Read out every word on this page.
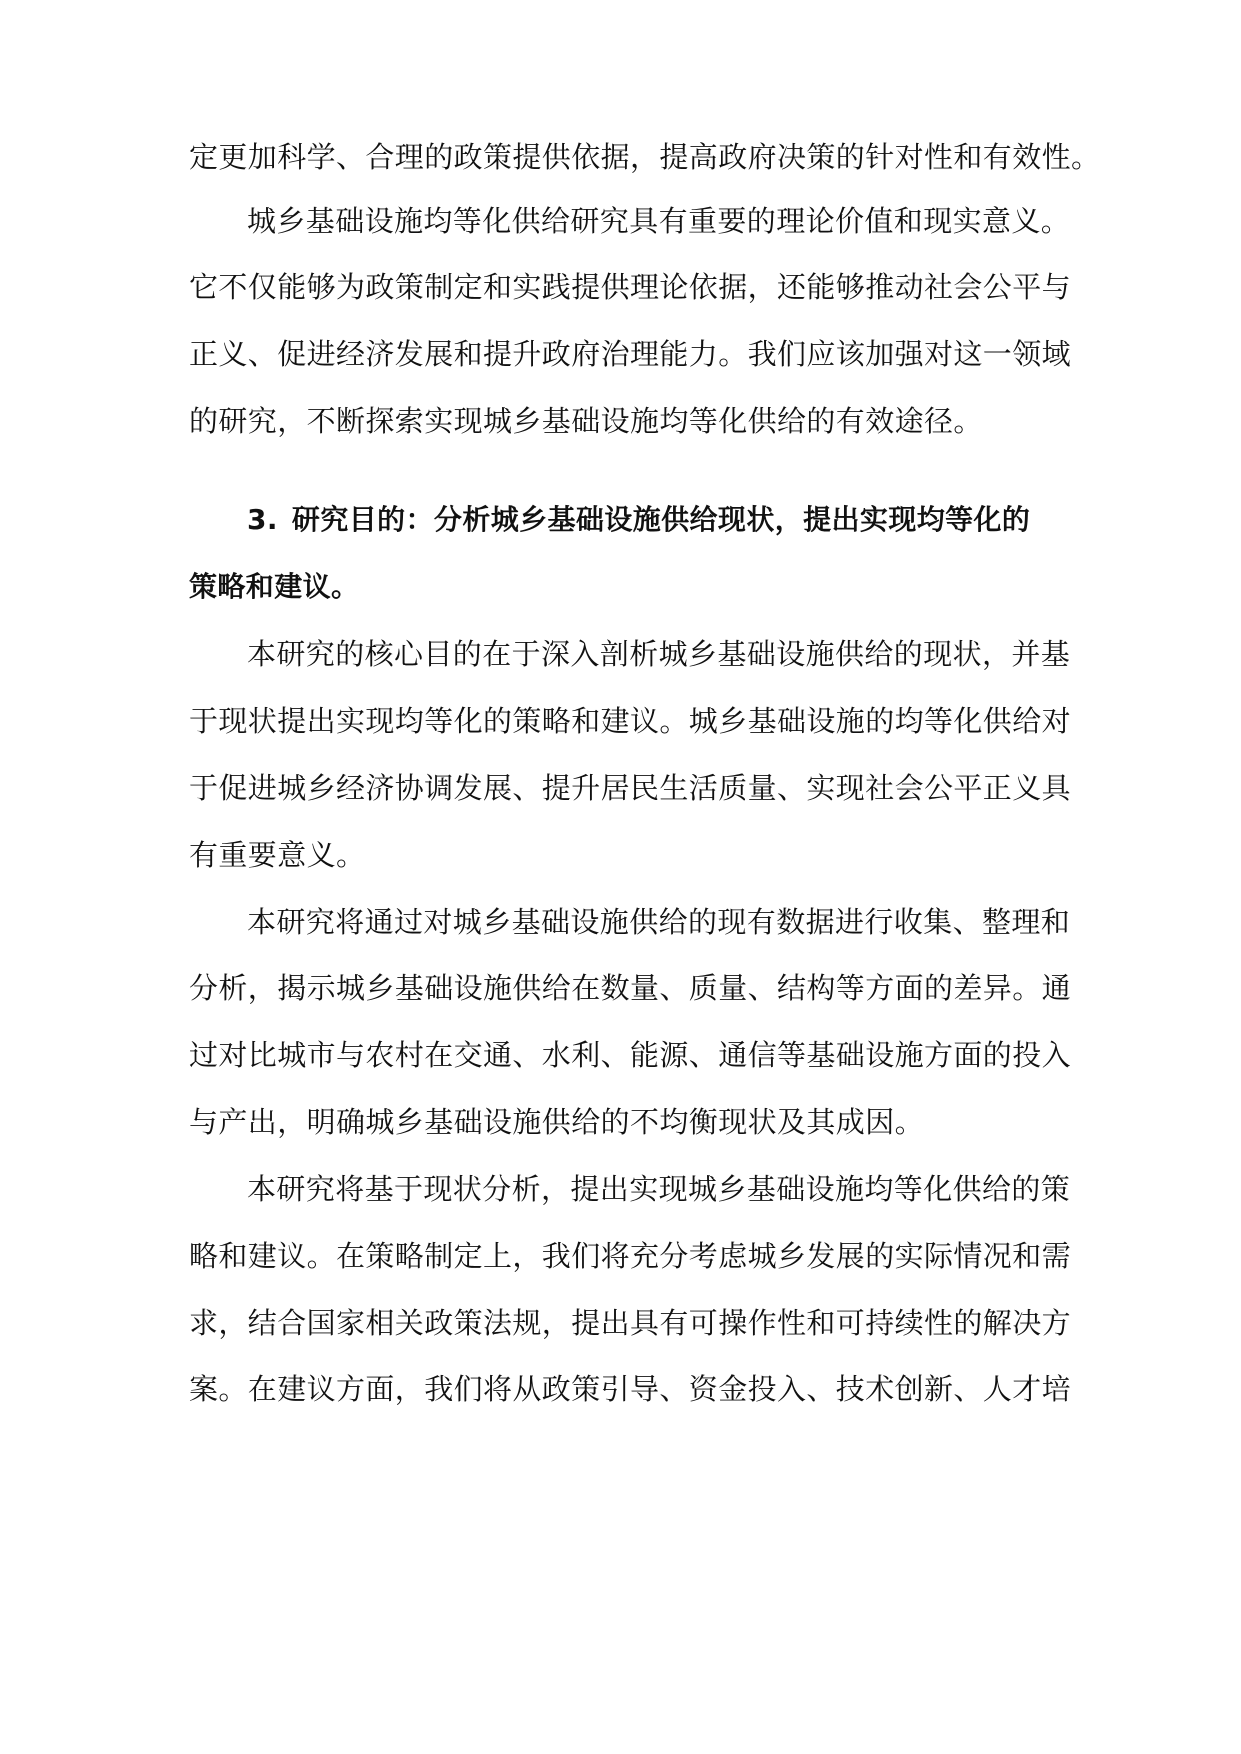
定更加科学、合理的政策提供依据，提高政府决策的针对性和有效性。
城乡基础设施均等化供给研究具有重要的理论价值和现实意义。
它不仅能够为政策制定和实践提供理论依据，还能够推动社会公平与
正义、促进经济发展和提升政府治理能力。我们应该加强对这一领域
的研究，不断探索实现城乡基础设施均等化供给的有效途径。
3. 研究目的：分析城乡基础设施供给现状，提出实现均等化的
策略和建议。
本研究的核心目的在于深入剖析城乡基础设施供给的现状，并基
于现状提出实现均等化的策略和建议。城乡基础设施的均等化供给对
于促进城乡经济协调发展、提升居民生活质量、实现社会公平正义具
有重要意义。
本研究将通过对城乡基础设施供给的现有数据进行收集、整理和
分析，揭示城乡基础设施供给在数量、质量、结构等方面的差异。通
过对比城市与农村在交通、水利、能源、通信等基础设施方面的投入
与产出，明确城乡基础设施供给的不均衡现状及其成因。
本研究将基于现状分析，提出实现城乡基础设施均等化供给的策
略和建议。在策略制定上，我们将充分考虑城乡发展的实际情况和需
求，结合国家相关政策法规，提出具有可操作性和可持续性的解决方
案。在建议方面，我们将从政策引导、资金投入、技术创新、人才培
